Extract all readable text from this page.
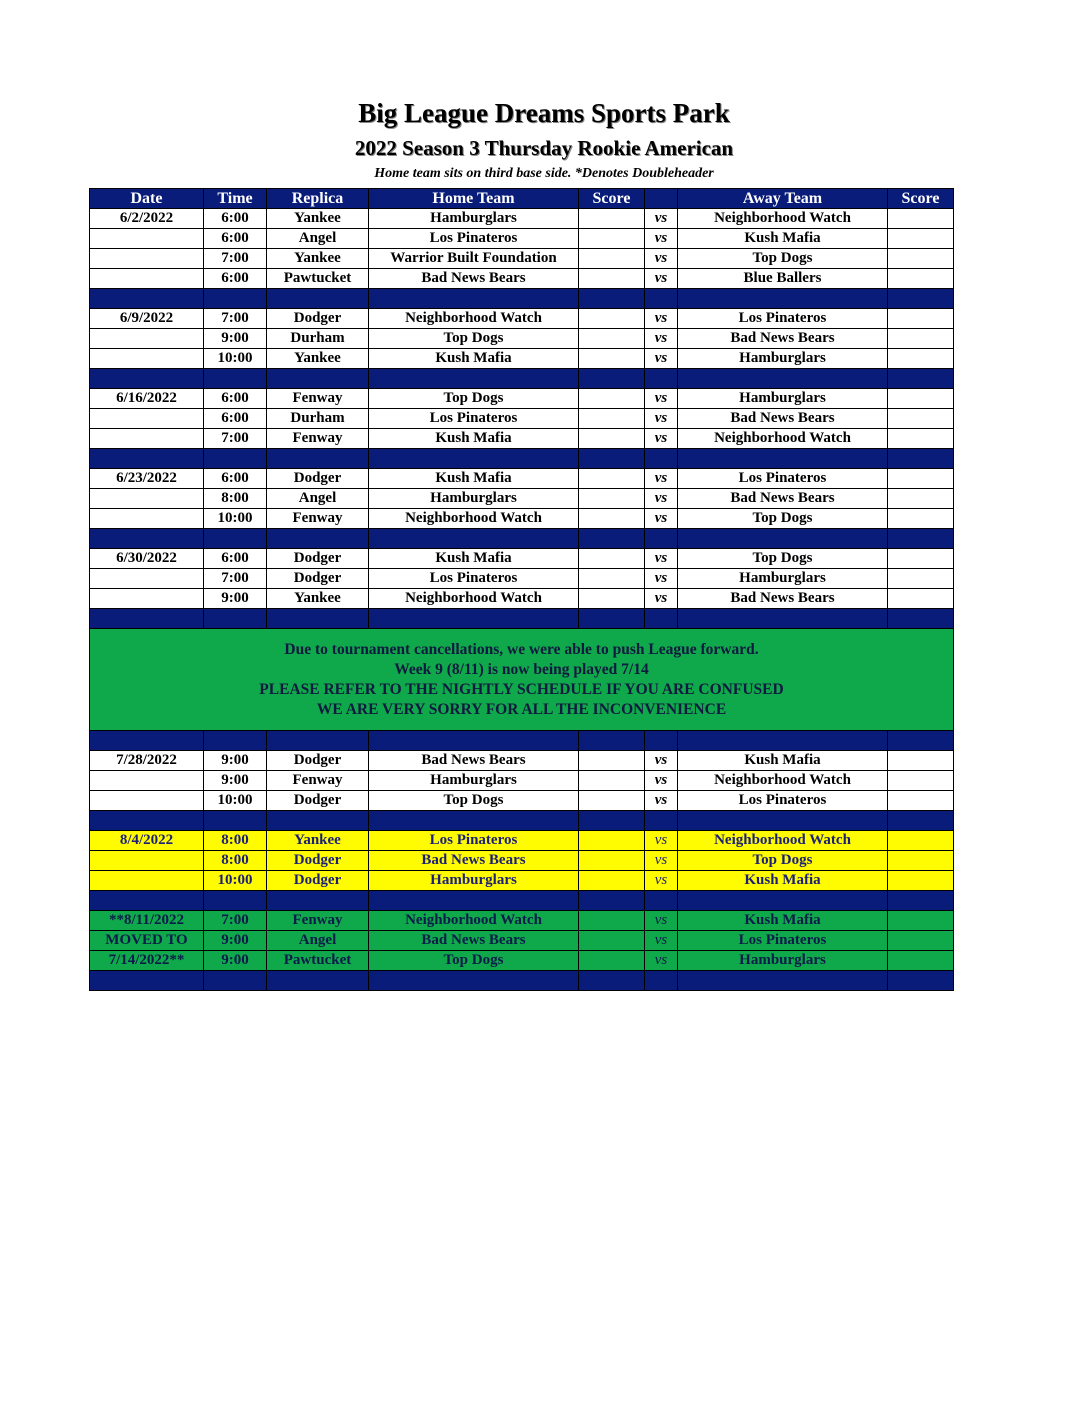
Big League Dreams Sports Park
2022 Season 3 Thursday Rookie American
Home team sits on third base side. *Denotes Doubleheader
Date	Time	Replica	Home Team	Score		Away Team	Score
6/2/2022	6:00	Yankee	Hamburglars		vs	Neighborhood Watch	
	6:00	Angel	Los Pinateros		vs	Kush Mafia	
	7:00	Yankee	Warrior Built Foundation		vs	Top Dogs	
	6:00	Pawtucket	Bad News Bears		vs	Blue Ballers	

6/9/2022	7:00	Dodger	Neighborhood Watch		vs	Los Pinateros	
	9:00	Durham	Top Dogs		vs	Bad News Bears	
	10:00	Yankee	Kush Mafia		vs	Hamburglars	

6/16/2022	6:00	Fenway	Top Dogs		vs	Hamburglars	
	6:00	Durham	Los Pinateros		vs	Bad News Bears	
	7:00	Fenway	Kush Mafia		vs	Neighborhood Watch	

6/23/2022	6:00	Dodger	Kush Mafia		vs	Los Pinateros	
	8:00	Angel	Hamburglars		vs	Bad News Bears	
	10:00	Fenway	Neighborhood Watch		vs	Top Dogs	

6/30/2022	6:00	Dodger	Kush Mafia		vs	Top Dogs	
	7:00	Dodger	Los Pinateros		vs	Hamburglars	
	9:00	Yankee	Neighborhood Watch		vs	Bad News Bears	

Due to tournament cancellations, we were able to push League forward.
Week 9 (8/11) is now being played 7/14
PLEASE REFER TO THE NIGHTLY SCHEDULE IF YOU ARE CONFUSED
WE ARE VERY SORRY FOR ALL THE INCONVENIENCE							

7/28/2022	9:00	Dodger	Bad News Bears		vs	Kush Mafia	
	9:00	Fenway	Hamburglars		vs	Neighborhood Watch	
	10:00	Dodger	Top Dogs		vs	Los Pinateros	

8/4/2022	8:00	Yankee	Los Pinateros		vs	Neighborhood Watch	
	8:00	Dodger	Bad News Bears		vs	Top Dogs	
	10:00	Dodger	Hamburglars		vs	Kush Mafia	

**8/11/2022	7:00	Fenway	Neighborhood Watch		vs	Kush Mafia	
MOVED TO	9:00	Angel	Bad News Bears		vs	Los Pinateros	
7/14/2022**	9:00	Pawtucket	Top Dogs		vs	Hamburglars	
